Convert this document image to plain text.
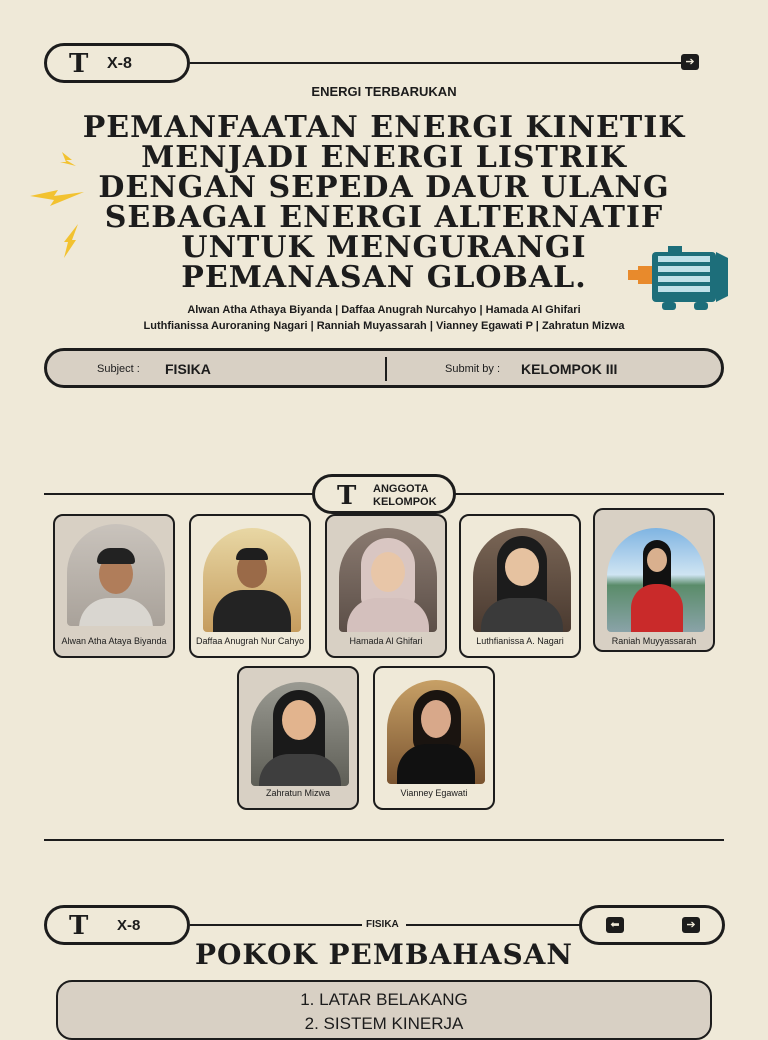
T X-8	➔
ENERGI TERBARUKAN
PEMANFAATAN ENERGI KINETIK
MENJADI ENERGI LISTRIK
DENGAN SEPEDA DAUR ULANG
SEBAGAI ENERGI ALTERNATIF
UNTUK MENGURANGI
PEMANASAN GLOBAL.
Alwan Atha Athaya Biyanda | Daffaa Anugrah Nurcahyo | Hamada Al Ghifari
Luthfianissa Auroraning Nagari | Ranniah Muyassarah | Vianney Egawati P | Zahratun Mizwa
Subject : FISIKA	Submit by : KELOMPOK III
T ANGGOTA
KELOMPOK
Alwan Atha Ataya Biyanda	Daffaa Anugrah Nur Cahyo	Hamada Al Ghifari	Luthfianissa A. Nagari	Raniah Muyyassarah
Zahratun Mizwa	Vianney Egawati
T X-8	FISIKA	⬅	➔
POKOK PEMBAHASAN
1. LATAR BELAKANG
2. SISTEM KINERJA
